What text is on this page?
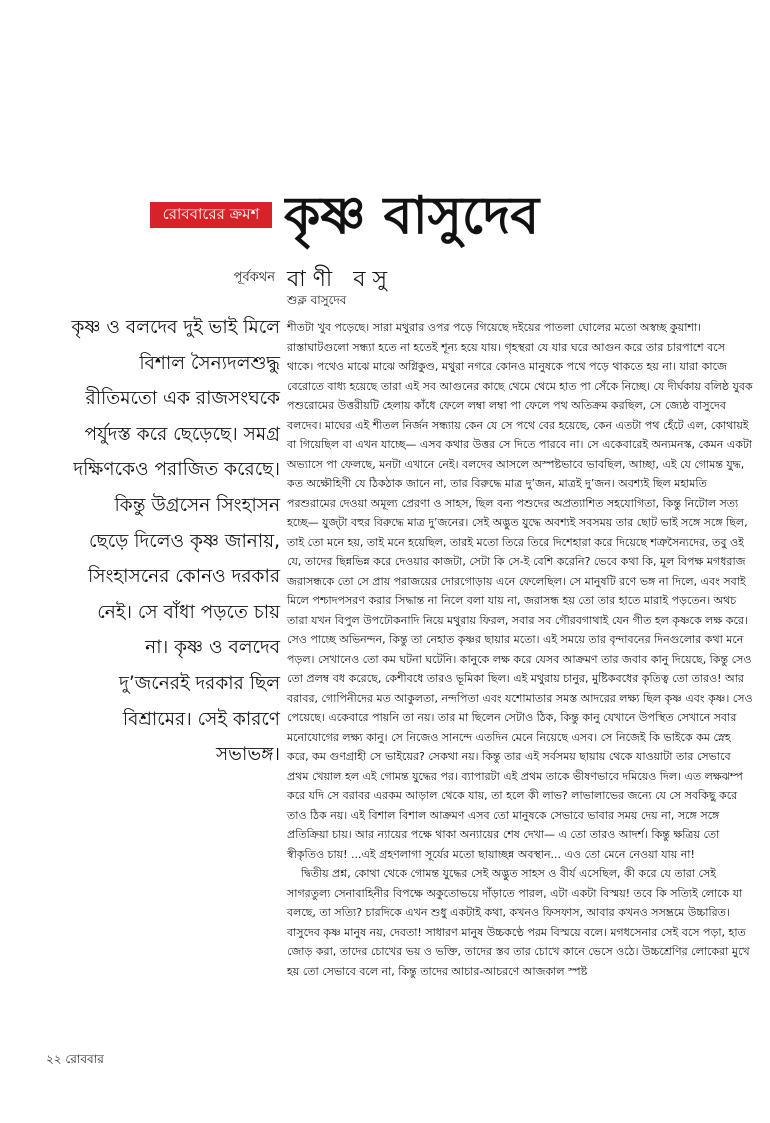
রোববারের ক্রমশ কৃষ্ণ বাসুদেব
পূর্বকথন বাণী বসু
শুক্ল বাসুদেব
কৃষ্ণ ও বলদেব দুই ভাই মিলে বিশাল সৈন্যদলশুদ্ধু রীতিমতো এক রাজসংঘকে পর্যুদস্ত করে ছেড়েছে। সমগ্র দক্ষিণকেও পরাজিত করেছে। কিন্তু উগ্রসেন সিংহাসন ছেড়ে দিলেও কৃষ্ণ জানায়, সিংহাসনের কোনও দরকার নেই। সে বাঁধা পড়তে চায় না। কৃষ্ণ ও বলদেব দু’জনেরই দরকার ছিল বিশ্রামের। সেই কারণে সভাভঙ্গ।

শীতটা খুব পড়েছে। সারা মথুরার ওপর পড়ে গিয়েছে দইয়ের পাতলা ঘোলের মতো অস্বচ্ছ কুয়াশা। রাস্তাঘাটগুলো সন্ধ্যা হতে না হতেই শূন্য হয়ে যায়। গৃহস্থরা যে যার ঘরে আগুন করে তার চারপাশে বসে থাকে। পথেও মাঝে মাঝে অগ্নিকুণ্ড, মথুরা নগরে কোনও মানুষকে পথে পড়ে থাকতে হয় না। যারা কাজে বেরোতে বাধ্য হয়েছে তারা এই সব আগুনের কাছে থেমে থেমে হাত পা সেঁকে নিচ্ছে। যে দীর্ঘকায় বলিষ্ঠ যুবক পশুরোমের উত্তরীয়টি হেলায় কাঁধে ফেলে লম্বা লম্বা পা ফেলে পথ অতিক্রম করছিল, সে জ্যেষ্ঠ বাসুদেব বলদেব। মাঘের এই শীতল নির্জন সন্ধ্যায় কেন যে সে পথে বের হয়েছে, কেন এতটা পথ হেঁটে এল, কোথায়ই বা গিয়েছিল বা এখন যাচ্ছে— এসব কথার উত্তর সে দিতে পারবে না। সে একেবারেই অন্যমনস্ক, কেমন একটা অভ্যাসে পা ফেলছে, মনটা এখানে নেই। বলদেব আসলে অস্পষ্টভাবে ভাবছিল, আচ্ছা, এই যে গোমন্ত যুদ্ধ, কত অক্ষৌহিণী যে ঠিকঠাক জানে না, তার বিরুদ্ধে মাত্র দু’জন, মাত্রই দু’জন। অবশ্যই ছিল মহামতি পরশুরামের দেওয়া অমূল্য প্রেরণা ও সাহস, ছিল বন্য পশুদের অপ্রত্যাশিত সহযোগিতা, কিন্তু নিটোল সত্য হচ্ছে— যুজ্‌টা বহুর বিরুদ্ধে মাত্র দু’জনের। সেই অদ্ভুত যুদ্ধে অবশ্যই সবসময় তার ছোট ভাই সঙ্গে সঙ্গে ছিল, তাই তো মনে হয়, তাই মনে হয়েছিল, তারই মতো তিরে তিরে দিশেহারা করে দিয়েছে শত্রুসৈন্যদের, তবু ওই যে, তাদের ছিন্নভিন্ন করে দেওয়ার কাজটা, সেটা কি সে-ই বেশি করেনি? ভেবে কথা কি, মূল বিপক্ষ মগধরাজ জরাসন্ধকে তো সে প্রায় পরাজয়ের দোরগোড়ায় এনে ফেলেছিল। সে মানুষটি রণে ভঙ্গ না দিলে, এবং সবাই মিলে পশ্চাদপসরণ করার সিদ্ধান্ত না নিলে বলা যায় না, জরাসন্ধ হয় তো তার হাতে মারাই পড়তেন। অথচ তারা যখন বিপুল উপঢৌকনাদি নিয়ে মথুরায় ফিরল, সবার সব গৌরবগাথাই যেন গীত হল কৃষ্ণকে লক্ষ করে। সেও পাচ্ছে অভিনন্দন, কিন্তু তা নেহাত কৃষ্ণর ছায়ার মতো। এই সময়ে তার বৃন্দাবনের দিনগুলোর কথা মনে পড়ল। সেখানেও তো কম ঘটনা ঘটেনি। কানুকে লক্ষ করে যেসব আক্রমণ তার জবাব কানু দিয়েছে, কিন্তু সেও তো প্রলম্ব বধ করেছে, কেশীবধে তারও ভূমিকা ছিল। এই মথুরায় চানুর, মুষ্টিকবধের কৃতিত্ব তো তারও! আর বরাবর, গোপিনীদের মত আকুলতা, নন্দপিতা এবং যশোমাতার সমস্ত আদরের লক্ষ্য ছিল কৃষ্ণ এবং কৃষ্ণ। সেও পেয়েছে। একেবারে পায়নি তা নয়। তার মা ছিলেন সেটাও ঠিক, কিন্তু কানু যেখানে উপস্থিত সেখানে সবার মনোযোগের লক্ষ্য কানু। সে নিজেও সানন্দে এতদিন মেনে নিয়েছে এসব। সে নিজেই কি ভাইকে কম স্নেহ করে, কম গুণগ্রাহী সে ভাইয়ের? সেকথা নয়। কিন্তু তার এই সর্বসময় ছায়ায় থেকে যাওয়াটা তার সেভাবে প্রথম খেয়াল হল এই গোমন্ত যুদ্ধের পর। ব্যাপারটা এই প্রথম তাকে ভীষণভাবে দমিয়েও দিল। এত লক্ষঝম্প করে যদি সে বরাবর এরকম আড়াল থেকে যায়, তা হলে কী লাভ? লাভালাভের জন্যে যে সে সবকিছু করে তাও ঠিক নয়। এই বিশাল বিশাল আক্রমণ এসব তো মানুষকে সেভাবে ভাবার সময় দেয় না, সঙ্গে সঙ্গে প্রতিক্রিয়া চায়। আর ন্যায়ের পক্ষে থাকা অন্যায়ের শেষ দেখা— এ তো তারও আদর্শ। কিন্তু ক্ষত্রিয় তো স্বীকৃতিও চায়! ...এই গ্রহণলাগা সূর্যের মতো ছায়াচ্ছন্ন অবস্থান... এও তো মেনে নেওয়া যায় না!

দ্বিতীয় প্রশ্ন, কোথা থেকে গোমন্ত যুদ্ধের সেই অদ্ভুত সাহস ও বীর্য এসেছিল, কী করে যে তারা সেই সাগরতুল্য সেনাবাহিনীর বিপক্ষে অকুতোভয়ে দাঁড়াতে পারল, এটা একটা বিস্ময়! তবে কি সত্যিই লোকে যা বলছে, তা সত্যি? চারদিকে এখন শুধু একটাই কথা, কখনও ফিসফাস, আবার কখনও সসম্ভ্রমে উচ্চারিত। বাসুদেব কৃষ্ণ মানুষ নয়, দেবতা! সাধারণ মানুষ উচ্চকণ্ঠে পরম বিস্ময়ে বলে। মগধসেনার সেই বসে পড়া, হাত জোড় করা, তাদের চোখের ভয় ও ভক্তি, তাদের স্তব তার চোখে কানে ভেসে ওঠে। উচ্চশ্রেণির লোকেরা মুখে হয় তো সেভাবে বলে না, কিন্তু তাদের আচার-আচরণে আজকাল স্পষ্ট

২২ রোববার
